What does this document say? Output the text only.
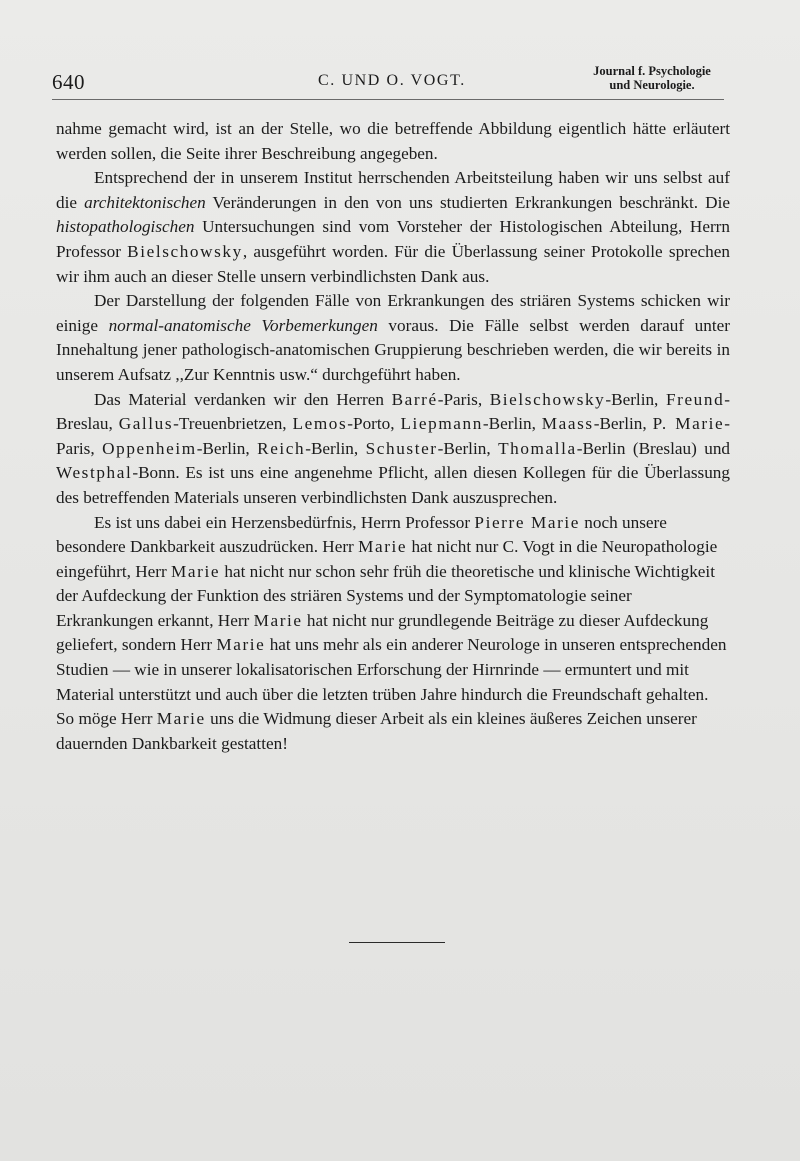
640	C. UND O. VOGT.
Journal f. Psychologie
und Neurologie.

nahme gemacht wird, ist an der Stelle, wo die betreffende Abbildung eigentlich hätte erläutert werden sollen, die Seite ihrer Beschreibung angegeben.

Entsprechend der in unserem Institut herrschenden Arbeitsteilung haben wir uns selbst auf die architektonischen Veränderungen in den von uns studierten Erkrankungen beschränkt. Die histopathologischen Untersuchungen sind vom Vorsteher der Histologischen Abteilung, Herrn Professor Bielschowsky, ausgeführt worden. Für die Überlassung seiner Protokolle sprechen wir ihm auch an dieser Stelle unsern verbindlichsten Dank aus.

Der Darstellung der folgenden Fälle von Erkrankungen des striären Systems schicken wir einige normal-anatomische Vorbemerkungen voraus. Die Fälle selbst werden darauf unter Innehaltung jener pathologisch-anatomischen Gruppierung beschrieben werden, die wir bereits in unserem Aufsatz ,,Zur Kenntnis usw.“ durchgeführt haben.

Das Material verdanken wir den Herren Barré-Paris, Bielschowsky-Berlin, Freund-Breslau, Gallus-Treuenbrietzen, Lemos-Porto, Liepmann-Berlin, Maass-Berlin, P. Marie-Paris, Oppenheim-Berlin, Reich-Berlin, Schuster-Berlin, Thomalla-Berlin (Breslau) und Westphal-Bonn. Es ist uns eine angenehme Pflicht, allen diesen Kollegen für die Überlassung des betreffenden Materials unseren verbindlichsten Dank auszusprechen.

Es ist uns dabei ein Herzensbedürfnis, Herrn Professor Pierre Marie noch unsere besondere Dankbarkeit auszudrücken. Herr Marie hat nicht nur C. Vogt in die Neuropathologie eingeführt, Herr Marie hat nicht nur schon sehr früh die theoretische und klinische Wichtigkeit der Aufdeckung der Funktion des striären Systems und der Symptomatologie seiner Erkrankungen erkannt, Herr Marie hat nicht nur grundlegende Beiträge zu dieser Aufdeckung geliefert, sondern Herr Marie hat uns mehr als ein anderer Neurologe in unseren entsprechenden Studien — wie in unserer lokalisatorischen Erforschung der Hirnrinde — ermuntert und mit Material unterstützt und auch über die letzten trüben Jahre hindurch die Freundschaft gehalten. So möge Herr Marie uns die Widmung dieser Arbeit als ein kleines äußeres Zeichen unserer dauernden Dankbarkeit gestatten!
